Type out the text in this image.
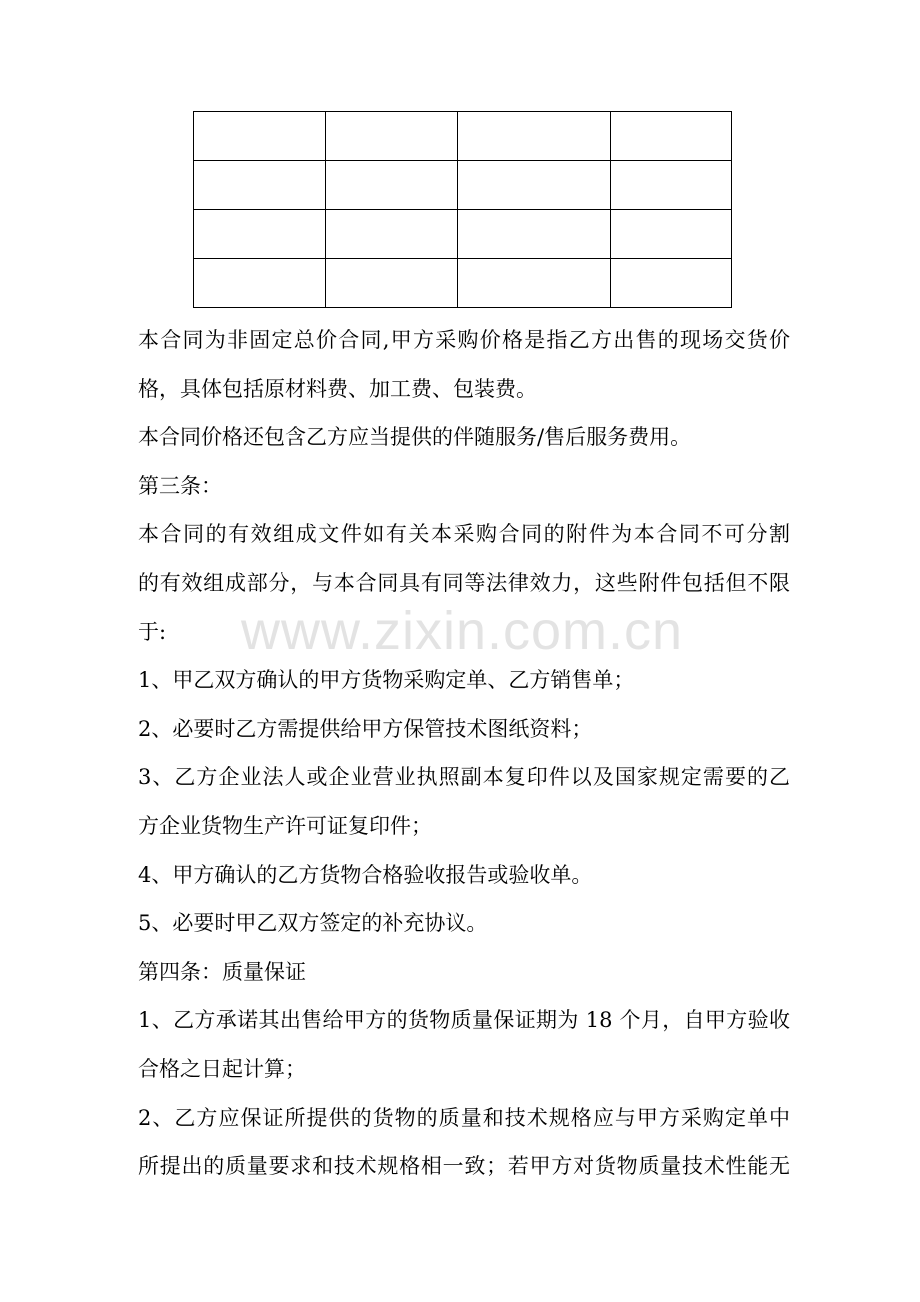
www.zixin.com.cn
本合同为非固定总价合同,甲方采购价格是指乙方出售的现场交货价
格，具体包括原材料费、加工费、包装费。
本合同价格还包含乙方应当提供的伴随服务/售后服务费用。
第三条：
本合同的有效组成文件如有关本采购合同的附件为本合同不可分割
的有效组成部分，与本合同具有同等法律效力，这些附件包括但不限
于:
1、甲乙双方确认的甲方货物采购定单、乙方销售单；
2、必要时乙方需提供给甲方保管技术图纸资料；
3、乙方企业法人或企业营业执照副本复印件以及国家规定需要的乙
方企业货物生产许可证复印件；
4、甲方确认的乙方货物合格验收报告或验收单。
5、必要时甲乙双方签定的补充协议。
第四条：质量保证
1、乙方承诺其出售给甲方的货物质量保证期为 18 个月，自甲方验收
合格之日起计算；
2、乙方应保证所提供的货物的质量和技术规格应与甲方采购定单中
所提出的质量要求和技术规格相一致；若甲方对货物质量技术性能无
